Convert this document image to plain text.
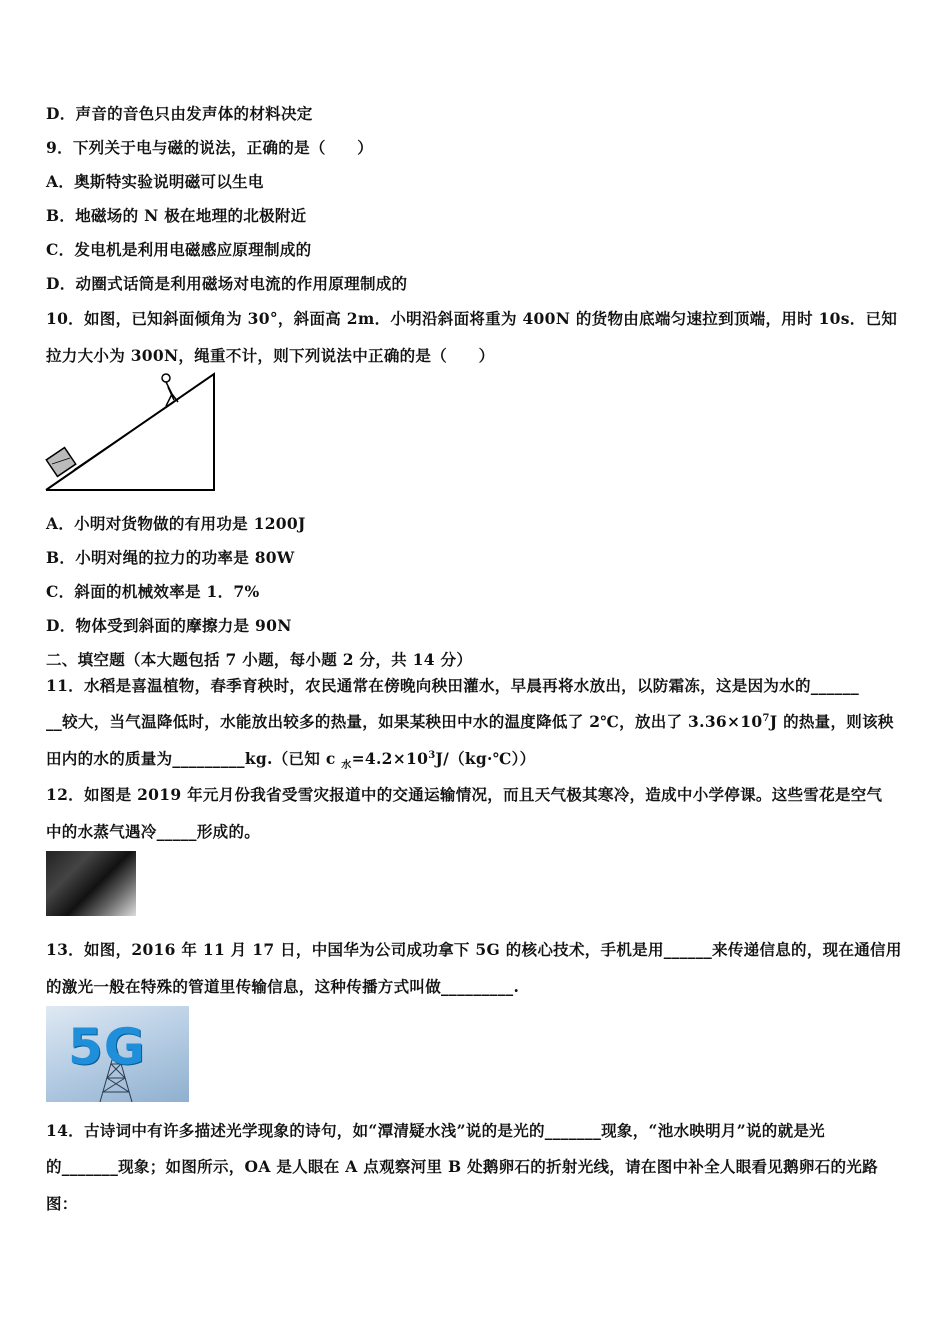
D．声音的音色只由发声体的材料决定
9．下列关于电与磁的说法，正确的是（　　）
A．奥斯特实验说明磁可以生电
B．地磁场的 N 极在地理的北极附近
C．发电机是利用电磁感应原理制成的
D．动圈式话筒是利用磁场对电流的作用原理制成的
10．如图，已知斜面倾角为 30°，斜面高 2m．小明沿斜面将重为 400N 的货物由底端匀速拉到顶端，用时 10s．已知
拉力大小为 300N，绳重不计，则下列说法中正确的是（　　）
A．小明对货物做的有用功是 1200J
B．小明对绳的拉力的功率是 80W
C．斜面的机械效率是 1．7%
D．物体受到斜面的摩擦力是 90N
二、填空题（本大题包括 7 小题，每小题 2 分，共 14 分）
11．水稻是喜温植物，春季育秧时，农民通常在傍晚向秧田灌水，早晨再将水放出，以防霜冻，这是因为水的______
__较大，当气温降低时，水能放出较多的热量，如果某秧田中水的温度降低了 2℃，放出了 $3.36\times 10^7J$ 的热量，则该秧
田内的水的质量为_________kg.（已知 c $_水=4.2\times 10^3J/(kg\cdot℃)$）
12．如图是 2019 年元月份我省受雪灾报道中的交通运输情况，而且天气极其寒冷，造成中小学停课。这些雪花是空气
中的水蒸气遇冷_____形成的。
13．如图，2016 年 11 月 17 日，中国华为公司成功拿下 5G 的核心技术，手机是用______来传递信息的，现在通信用
的激光一般在特殊的管道里传输信息，这种传播方式叫做_________.
5G
14．古诗词中有许多描述光学现象的诗句，如“潭清疑水浅”说的是光的_______现象，“池水映明月”说的就是光
的_______现象；如图所示，OA 是人眼在 A 点观察河里 B 处鹅卵石的折射光线，请在图中补全人眼看见鹅卵石的光路
图：
